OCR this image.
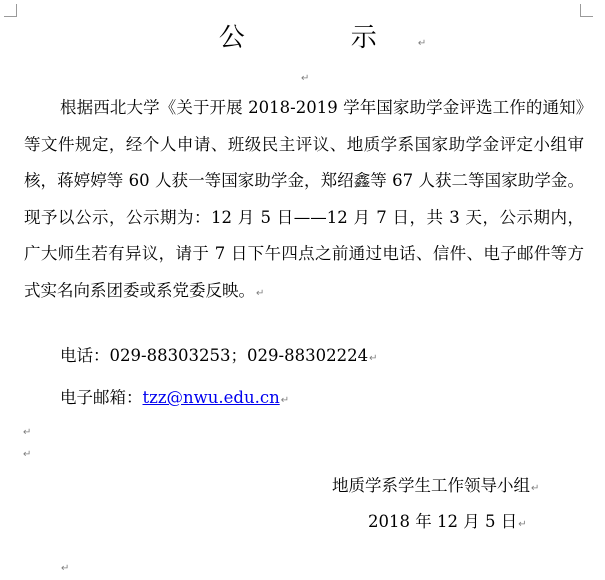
公　示↵
↵

根据西北大学《关于开展 2018-2019 学年国家助学金评选工作的通知》等文件规定，经个人申请、班级民主评议、地质学系国家助学金评定小组审核，蒋婷婷等 60 人获一等国家助学金，郑绍鑫等 67 人获二等国家助学金。现予以公示，公示期为：12 月 5 日——12 月 7 日，共 3 天，公示期内，广大师生若有异议，请于 7 日下午四点之前通过电话、信件、电子邮件等方式实名向系团委或系党委反映。↵

电话：029-88303253；029-88302224↵
电子邮箱：tzz@nwu.edu.cn↵
↵
↵
地质学系学生工作领导小组↵
2018 年 12 月 5 日↵
↵
